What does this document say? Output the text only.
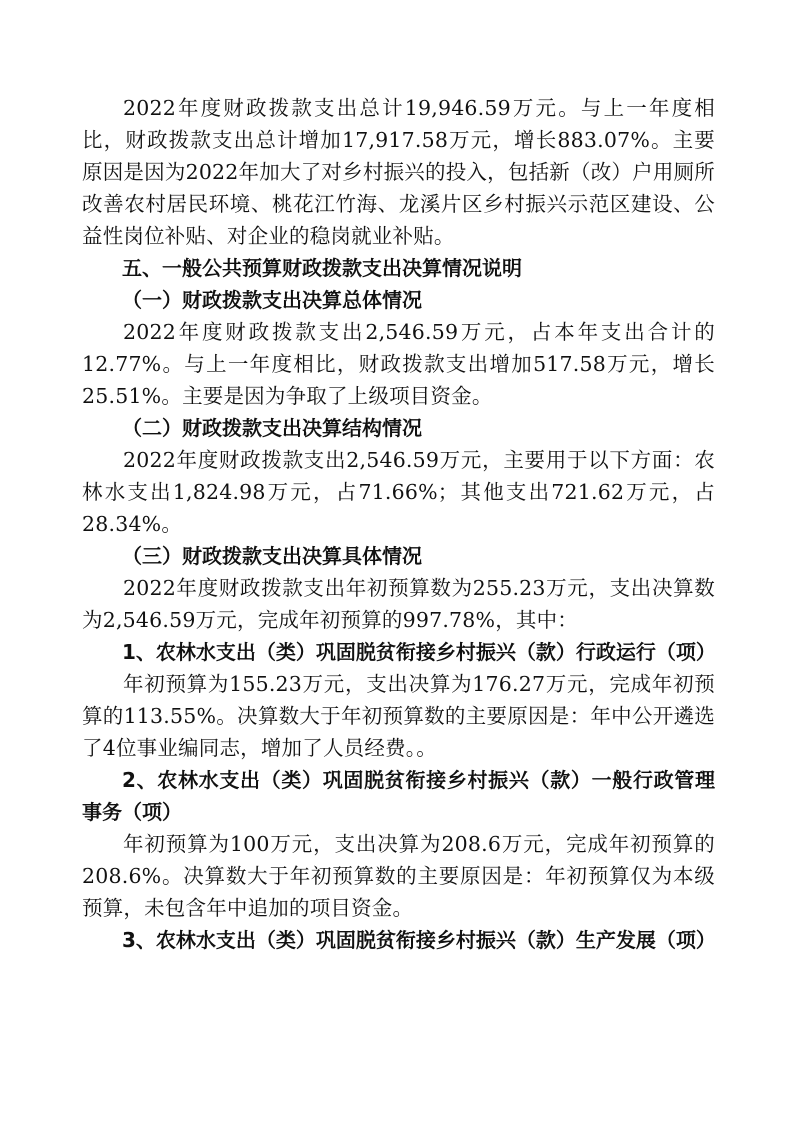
2022年度财政拨款支出总计19,946.59万元。与上一年度相比，财政拨款支出总计增加17,917.58万元，增长883.07%。主要原因是因为2022年加大了对乡村振兴的投入，包括新（改）户用厕所改善农村居民环境、桃花江竹海、龙溪片区乡村振兴示范区建设、公益性岗位补贴、对企业的稳岗就业补贴。

五、一般公共预算财政拨款支出决算情况说明

（一）财政拨款支出决算总体情况

2022年度财政拨款支出2,546.59万元，占本年支出合计的12.77%。与上一年度相比，财政拨款支出增加517.58万元，增长25.51%。主要是因为争取了上级项目资金。

（二）财政拨款支出决算结构情况

2022年度财政拨款支出2,546.59万元，主要用于以下方面：农林水支出1,824.98万元，占71.66%；其他支出721.62万元，占28.34%。

（三）财政拨款支出决算具体情况

2022年度财政拨款支出年初预算数为255.23万元，支出决算数为2,546.59万元，完成年初预算的997.78%，其中：

1、农林水支出（类）巩固脱贫衔接乡村振兴（款）行政运行（项）

年初预算为155.23万元，支出决算为176.27万元，完成年初预算的113.55%。决算数大于年初预算数的主要原因是：年中公开遴选了4位事业编同志，增加了人员经费。。

2、农林水支出（类）巩固脱贫衔接乡村振兴（款）一般行政管理事务（项）

年初预算为100万元，支出决算为208.6万元，完成年初预算的208.6%。决算数大于年初预算数的主要原因是：年初预算仅为本级预算，未包含年中追加的项目资金。

3、农林水支出（类）巩固脱贫衔接乡村振兴（款）生产发展（项）
